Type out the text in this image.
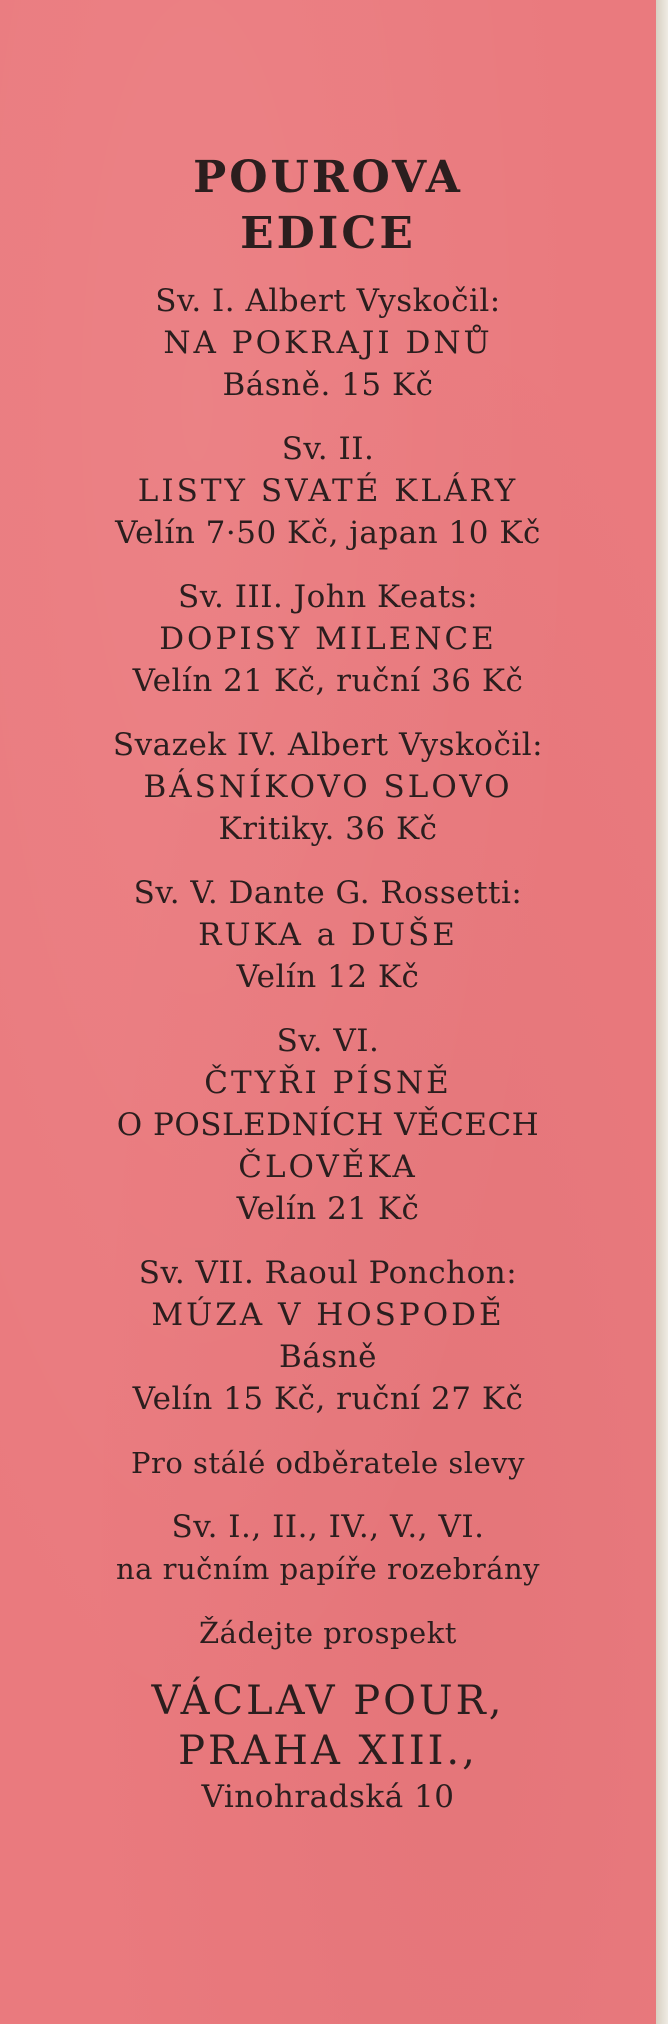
POUROVA
EDICE
Sv. I. Albert Vyskočil:
NA POKRAJI DNŮ
Básně. 15 Kč
Sv. II.
LISTY SVATÉ KLÁRY
Velín 7·50 Kč, japan 10 Kč
Sv. III. John Keats:
DOPISY MILENCE
Velín 21 Kč, ruční 36 Kč
Svazek IV. Albert Vyskočil:
BÁSNÍKOVO SLOVO
Kritiky. 36 Kč
Sv. V. Dante G. Rossetti:
RUKA a DUŠE
Velín 12 Kč
Sv. VI.
ČTYŘI PÍSNĚ
O POSLEDNÍCH VĚCECH
ČLOVĚKA
Velín 21 Kč
Sv. VII. Raoul Ponchon:
MÚZA V HOSPODĚ
Básně
Velín 15 Kč, ruční 27 Kč
Pro stálé odběratele slevy
Sv. I., II., IV., V., VI.
na ručním papíře rozebrány
Žádejte prospekt
VÁCLAV POUR,
PRAHA XIII.,
Vinohradská 10
